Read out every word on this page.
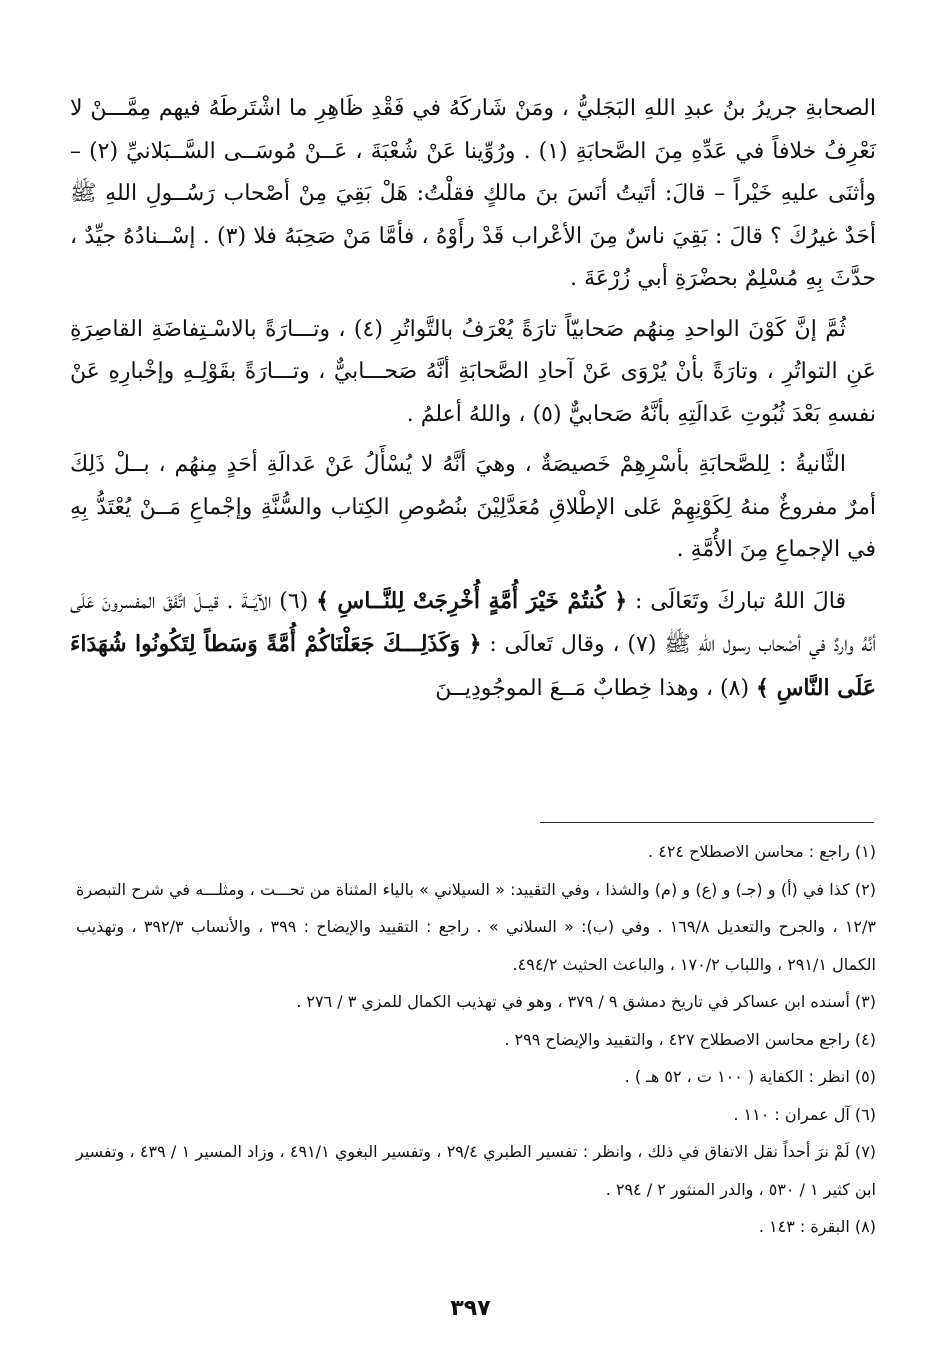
الصحابةِ جريرُ بنُ عبدِ اللهِ البَجَليُّ ، ومَنْ شَاركَهُ في فَقْدِ ظَاهِرِ ما اشْتَرطَهُ فيهم مِمَّـــنْ لا نَعْرِفُ خلافاً في عَدِّهِ مِنَ الصَّحابَةِ (١) . ورُوِّينا عَنْ شُعْبَةَ ، عَــنْ مُوسَــى السَّــبَلانيِّ (٢) – وأثنَى عليهِ خَيْراً – قالَ: أتَيتُ أنَسَ بنَ مالكٍ فقلْتُ: هَلْ بَقِيَ مِنْ أصْحاب رَسُــولِ اللهِ ﷺ أحَدٌ غيرُكَ ؟ قالَ : بَقِيَ ناسٌ مِنَ الأعْراب قَدْ رأَوْهُ ، فأمَّا مَنْ صَحِبَهُ فلا (٣) . إسْــنادُهُ جيِّدٌ ، حدَّثَ بِهِ مُسْلِمٌ بحضْرَةِ أبي زُرْعَةَ .

ثُمَّ إنَّ كَوْنَ الواحدِ مِنهُم صَحابيّاً تارَةً يُعْرَفُ بالتَّواتُرِ (٤) ، وتـــارَةً بالاسْـتِفاضَةِ القاصِرَةِ عَنِ التواتُرِ ، وتارَةً بأنْ يُرْوَى عَنْ آحادِ الصَّحابَةِ أنَّهُ صَحـــابيٌّ ، وتـــارَةً بقَوْلِـهِ وإخْبارِهِ عَنْ نفسهِ بَعْدَ ثُبُوتِ عَدالَتِهِ بأنَّهُ صَحابيٌّ (٥) ، واللهُ أعلمُ .

الثَّانيةُ : لِلصَّحابَةِ بأسْرِهِمْ خَصيصَةٌ ، وهيَ أنَّهُ لا يُسْأَلُ عَنْ عَدالَةِ أحَدٍ مِنهُم ، بــلْ ذَلِكَ أمرٌ مفروغٌ منهُ لِكَوْنِهِمْ عَلى الإطْلاقِ مُعَدَّلِيْنَ بنُصُوصِ الكِتاب والسُّنَّةِ وإجْماعِ مَــنْ يُعْتَدُّ بِهِ في الإجماعِ مِنَ الأُمَّةِ .

قالَ اللهُ تباركَ وتَعَالَى : ﴿ كُنتُمْ خَيْرَ أُمَّةٍ أُخْرِجَتْ لِلنَّــاسِ ﴾ (٦) الآيَــةَ . قيــلَ اتَّفَقَ المفسرونَ عَلَى أنَّهُ واردٌ في أصْحاب رسول اللهِ ﷺ (٧) ، وقال تَعالَى : ﴿ وَكَذَلِـــكَ جَعَلْنَاكُمْ أُمَّةً وَسَطاً لِتَكُونُوا شُهَدَاءَ عَلَى النَّاسِ ﴾ (٨) ، وهذا خِطابٌ مَــعَ الموجُودِيــنَ

(١) راجع : محاسن الاصطلاح ٤٢٤ .

(٢) كذا في (أ) و (جـ) و (ع) و (م) والشذا ، وفي التقييد: « السيلاني » بالياء المثناة من تحـــت ، ومثلـــه في شرح التبصرة ١٢/٣ ، والجرح والتعديل ١٦٩/٨ . وفي (ب): « السلاني » . راجع : التقييد والإيضاح : ٣٩٩ ، والأنساب ٣٩٢/٣ ، وتهذيب الكمال ٢٩١/١ ، واللباب ١٧٠/٢ ، والباعث الحثيث ٤٩٤/٢.

(٣) أسنده ابن عساكر في تاريخ دمشق ٩ / ٣٧٩ ، وهو في تهذيب الكمال للمزي ٣ / ٢٧٦ .

(٤) راجع محاسن الاصطلاح ٤٢٧ ، والتقييد والإيضاح ٢٩٩ .

(٥) انظر : الكفاية ( ١٠٠ ت ، ٥٢ هـ ) .

(٦) آل عمران : ١١٠ .

(٧) لَمْ نرَ أحداً نقل الاتفاق في ذلك ، وانظر : تفسير الطبري ٢٩/٤ ، وتفسير البغوي ٤٩١/١ ، وزاد المسير ١ / ٤٣٩ ، وتفسير ابن كثير ١ / ٥٣٠ ، والدر المنثور ٢ / ٢٩٤ .

(٨) البقرة : ١٤٣ .

٣٩٧
